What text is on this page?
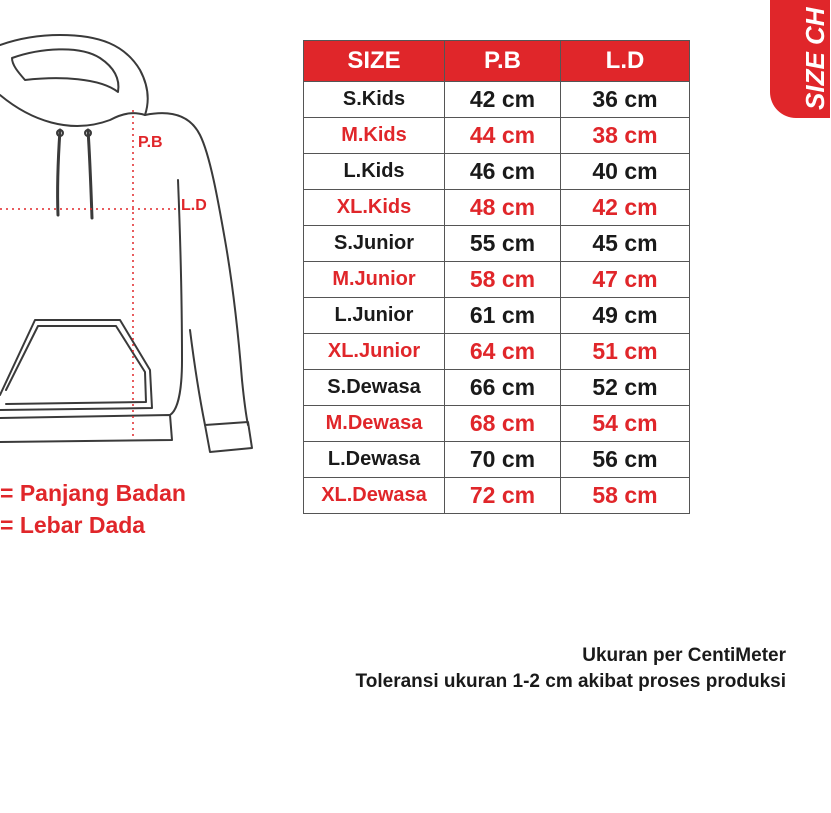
P.B
L.D
= Panjang Badan
= Lebar Dada
SIZE CH
SIZE	P.B	L.D
S.Kids	42 cm	36 cm
M.Kids	44 cm	38 cm
L.Kids	46 cm	40 cm
XL.Kids	48 cm	42 cm
S.Junior	55 cm	45 cm
M.Junior	58 cm	47 cm
L.Junior	61 cm	49 cm
XL.Junior	64 cm	51 cm
S.Dewasa	66 cm	52 cm
M.Dewasa	68 cm	54 cm
L.Dewasa	70 cm	56 cm
XL.Dewasa	72 cm	58 cm
Ukuran per CentiMeter
Toleransi ukuran 1-2 cm akibat proses produksi
